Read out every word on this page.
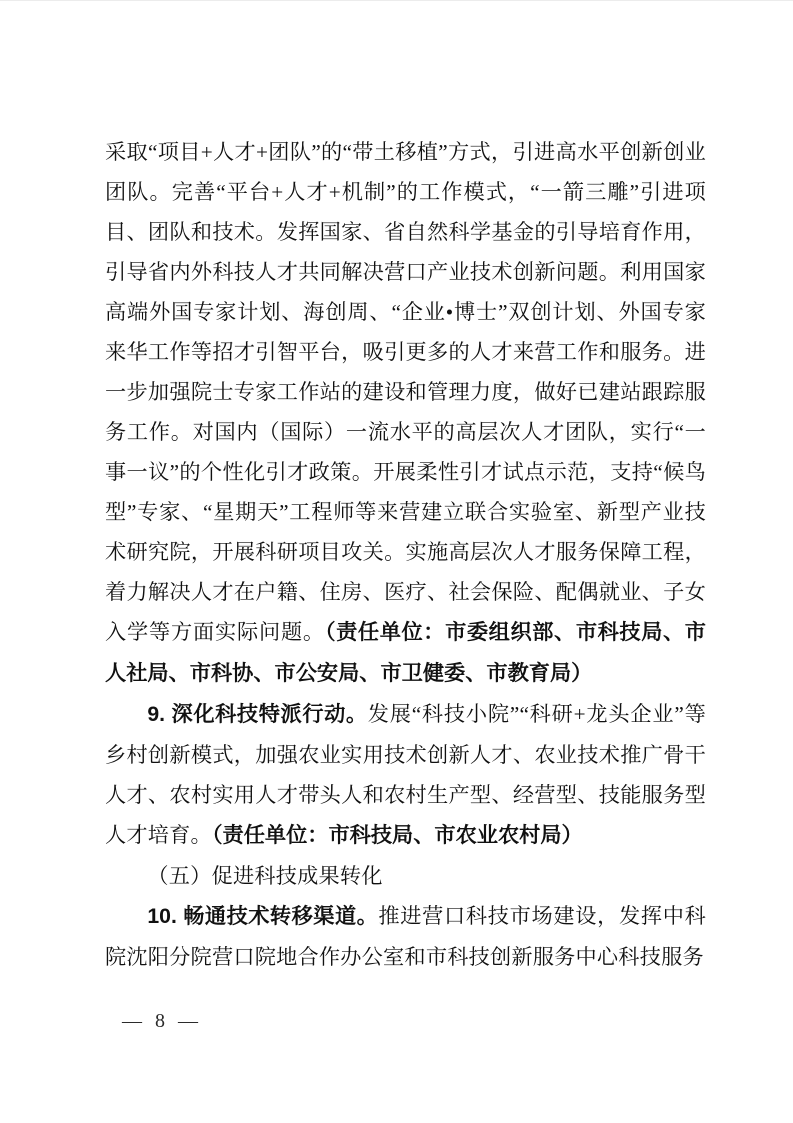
采取“项目+人才+团队”的“带土移植”方式，引进高水平创新创业团队。完善“平台+人才+机制”的工作模式，“一箭三雕”引进项目、团队和技术。发挥国家、省自然科学基金的引导培育作用，引导省内外科技人才共同解决营口产业技术创新问题。利用国家高端外国专家计划、海创周、“企业•博士”双创计划、外国专家来华工作等招才引智平台，吸引更多的人才来营工作和服务。进一步加强院士专家工作站的建设和管理力度，做好已建站跟踪服务工作。对国内（国际）一流水平的高层次人才团队，实行“一事一议”的个性化引才政策。开展柔性引才试点示范，支持“候鸟型”专家、“星期天”工程师等来营建立联合实验室、新型产业技术研究院，开展科研项目攻关。实施高层次人才服务保障工程，着力解决人才在户籍、住房、医疗、社会保险、配偶就业、子女入学等方面实际问题。（责任单位：市委组织部、市科技局、市人社局、市科协、市公安局、市卫健委、市教育局）

9. 深化科技特派行动。发展“科技小院”“科研+龙头企业”等乡村创新模式，加强农业实用技术创新人才、农业技术推广骨干人才、农村实用人才带头人和农村生产型、经营型、技能服务型人才培育。（责任单位：市科技局、市农业农村局）

（五）促进科技成果转化

10. 畅通技术转移渠道。推进营口科技市场建设，发挥中科院沈阳分院营口院地合作办公室和市科技创新服务中心科技服务

— 8 —
